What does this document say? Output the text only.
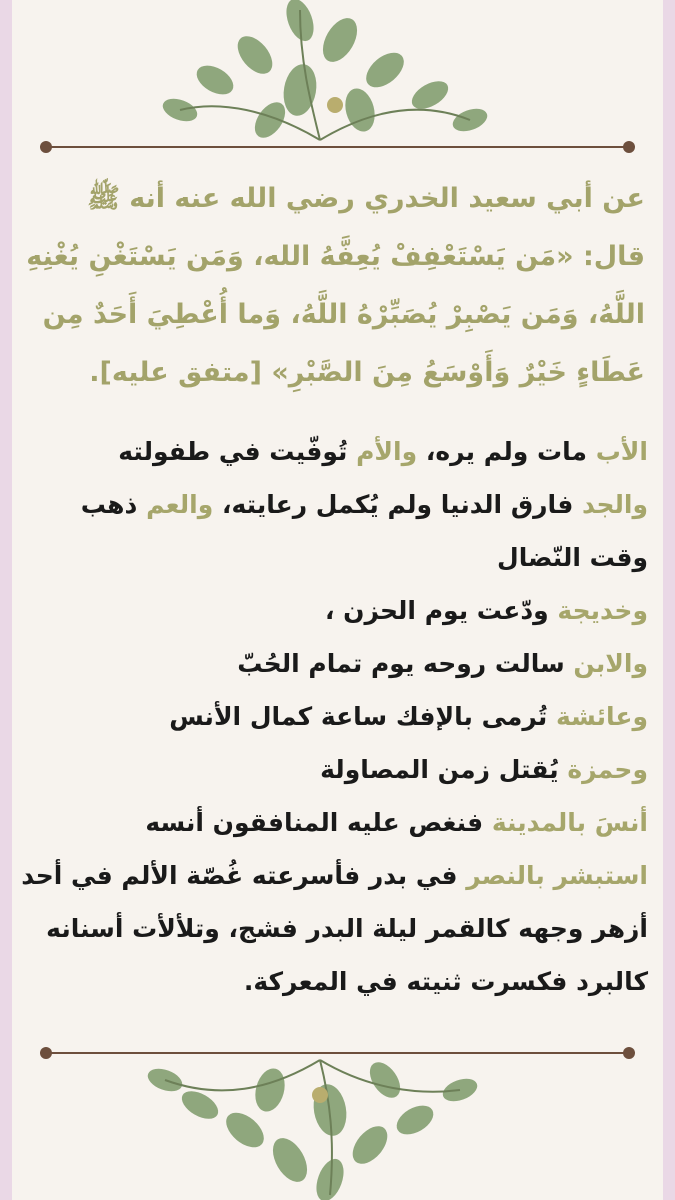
عن أبي سعيد الخدري رضي الله عنه أنه ﷺ
قال: «مَن يَسْتَعْفِفْ يُعِفَّهُ الله، وَمَن يَسْتَغْنِ يُغْنِهِ
اللَّهُ، وَمَن يَصْبِرْ يُصَبِّرْهُ اللَّهُ، وَما أُعْطِيَ أَحَدٌ مِن
عَطَاءٍ خَيْرٌ وَأَوْسَعُ مِنَ الصَّبْرِ» [متفق عليه].
الأب مات ولم يره، والأم تُوفّيت في طفولته
والجد فارق الدنيا ولم يُكمل رعايته، والعم ذهب
وقت النّضال
وخديجة ودّعت يوم الحزن ،
والابن سالت روحه يوم تمام الحُبّ
وعائشة تُرمى بالإفك ساعة كمال الأنس
وحمزة يُقتل زمن المصاولة
أنسَ بالمدينة فنغص عليه المنافقون أنسه
استبشر بالنصر في بدر فأسرعته غُصّة الألم في أحد
أزهر وجهه كالقمر ليلة البدر فشج، وتلألأت أسنانه
كالبرد فكسرت ثنيته في المعركة.
